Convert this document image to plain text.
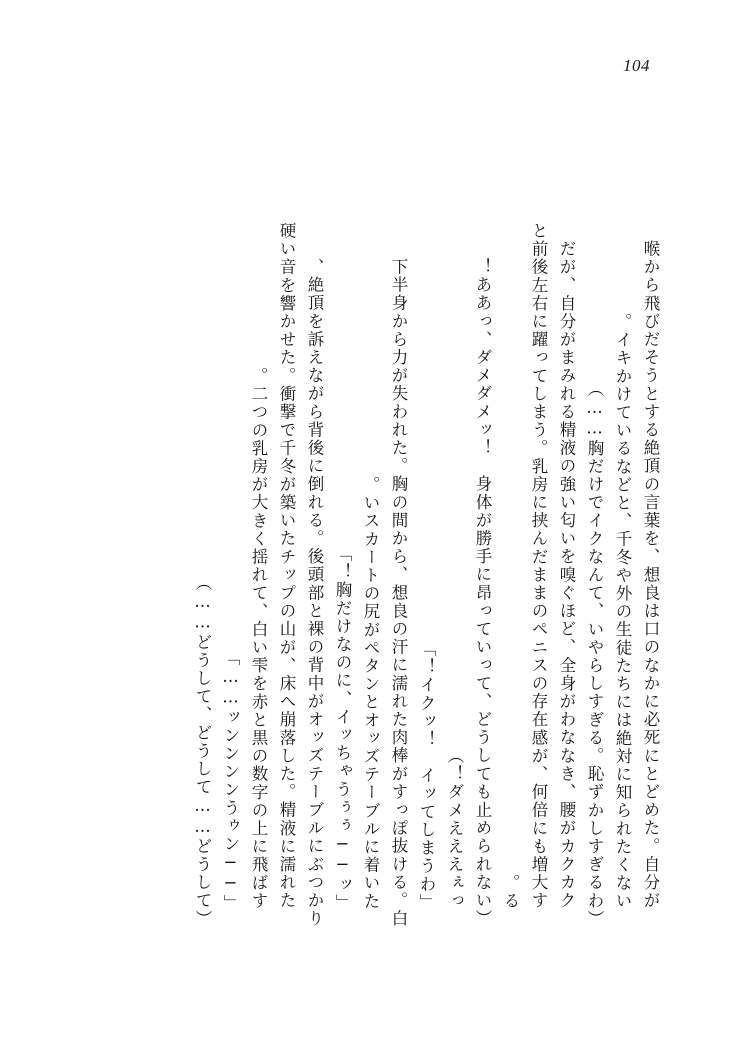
104
喉から飛びだそうとする絶頂の言葉を、想良は口のなかに必死にとどめた。自分が
イキかけているなどと、千冬や外の生徒たちには絶対に知られたくない。
（胸だけでイクなんて、いやらしすぎる。恥ずかしすぎるわ……）
だが、自分がまみれる精液の強い匂いを嗅ぐほど、全身がわななき、腰がカクカク
と前後左右に躍ってしまう。乳房に挟んだままのペニスの存在感が、何倍にも増大す
る。
（ああっ、ダメダメッ！　身体が勝手に昂っていって、どうしても止められない！
ダメえええぇっ！）
「イクッ！　イッてしまうわ！」
下半身から力が失われた。胸の間から、想良の汗に濡れた肉棒がすっぽ抜ける。白
いスカートの尻がペタンとオッズテーブルに着いた。
「胸だけなのに、イッちゃうぅぅ──ッ！」
絶頂を訴えながら背後に倒れる。後頭部と裸の背中がオッズテーブルにぶつかり、
硬い音を響かせた。衝撃で千冬が築いたチップの山が、床へ崩落した。精液に濡れた
二つの乳房が大きく揺れて、白い雫を赤と黒の数字の上に飛ばす。
「──ッンンンンうゥン……」
（どうして、どうして……どうして……）
